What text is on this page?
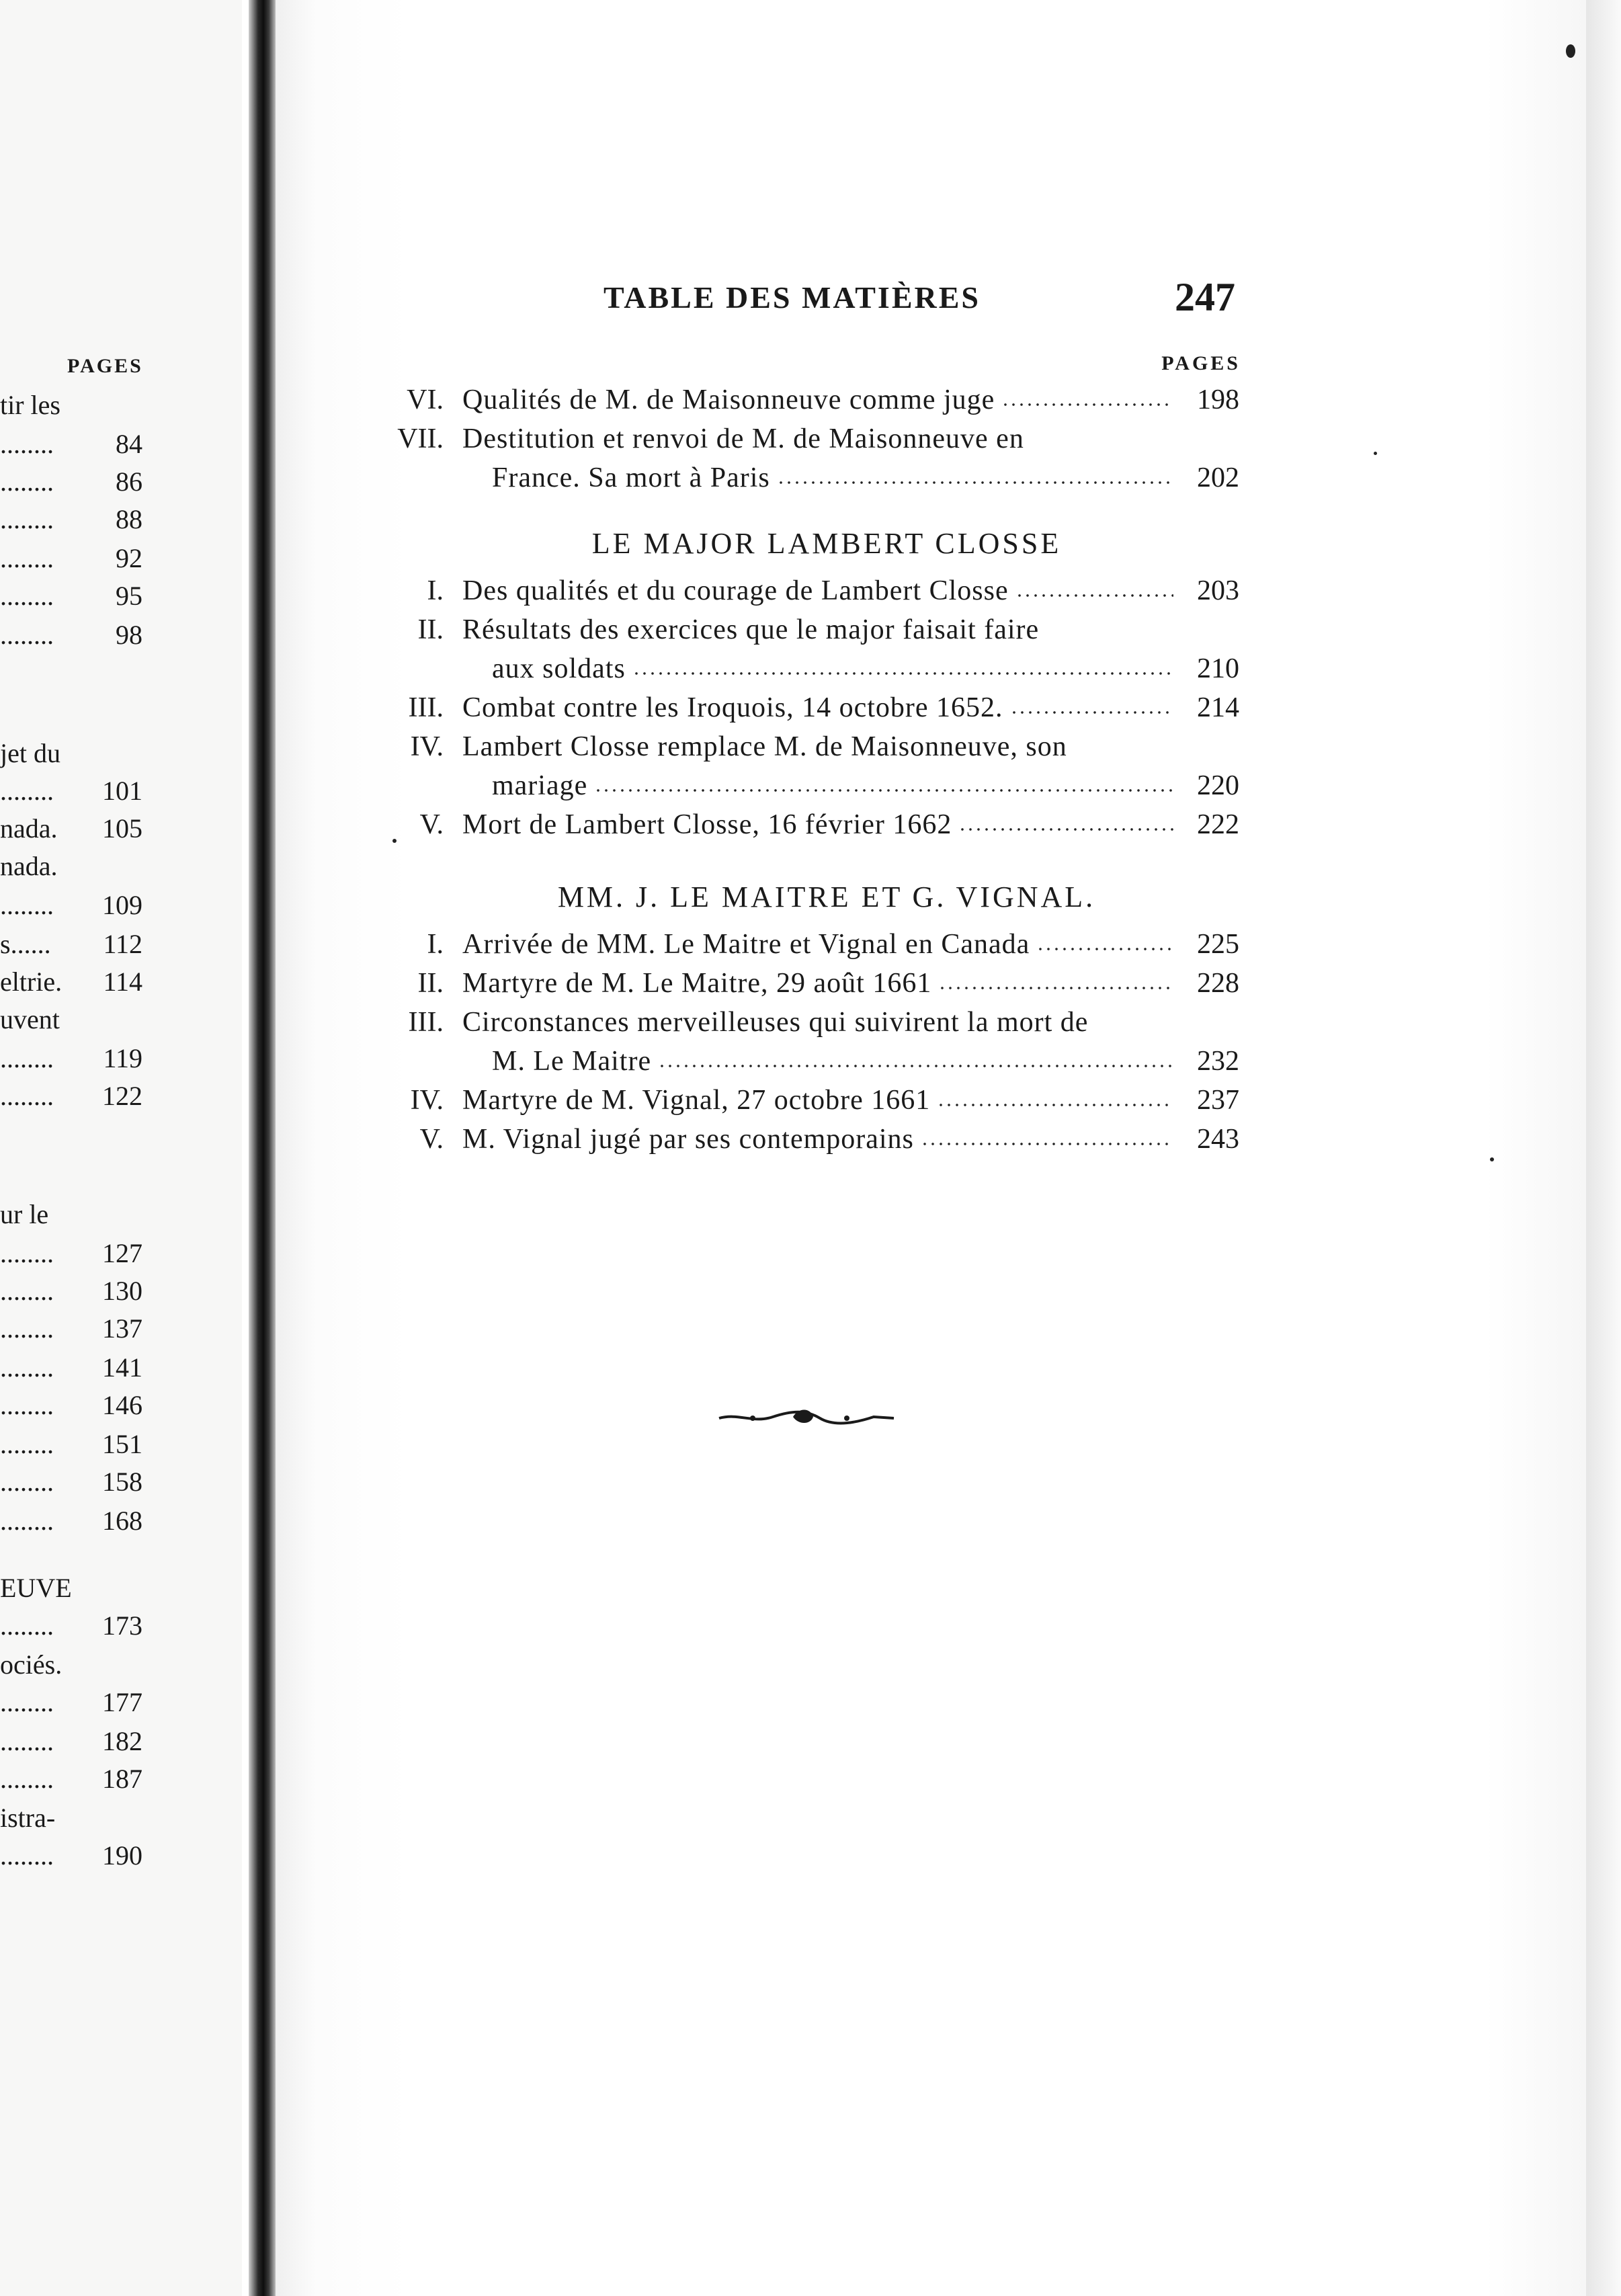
PAGES
tir les
........ 84
........ 86
........ 88
........ 92
........ 95
........ 98
jet du
........ 101
nada. 105
nada.
........ 109
s...... 112
eltrie. 114
uvent
........ 119
........ 122
ur le
........ 127
........ 130
........ 137
........ 141
........ 146
........ 151
........ 158
........ 168
EUVE
........ 173
ociés.
........ 177
........ 182
........ 187
istra-
........ 190
TABLE DES MATIÈRES	247
PAGES
VI. Qualités de M. de Maisonneuve comme juge	198
VII. Destitution et renvoi de M. de Maisonneuve en
France. Sa mort à Paris	202
LE MAJOR LAMBERT CLOSSE
I. Des qualités et du courage de Lambert Closse	203
II. Résultats des exercices que le major faisait faire
aux soldats	210
III. Combat contre les Iroquois, 14 octobre 1652.	214
IV. Lambert Closse remplace M. de Maisonneuve, son
mariage	220
V. Mort de Lambert Closse, 16 février 1662	222
MM. J. LE MAITRE ET G. VIGNAL.
I. Arrivée de MM. Le Maitre et Vignal en Canada	225
II. Martyre de M. Le Maitre, 29 août 1661	228
III. Circonstances merveilleuses qui suivirent la mort de
M. Le Maitre	232
IV. Martyre de M. Vignal, 27 octobre 1661	237
V. M. Vignal jugé par ses contemporains	243
